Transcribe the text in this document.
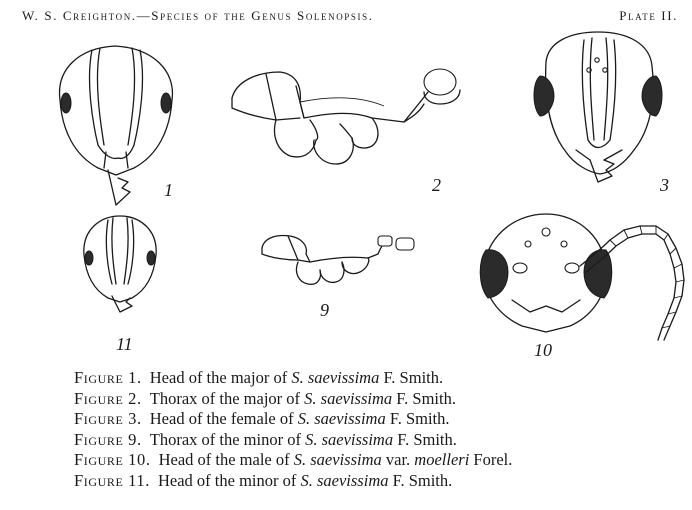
W. S. Creighton.—Species of the Genus Solenopsis.	Plate II.
1	2	3
9
10
11
Figure 1. Head of the major of S. saevissima F. Smith.
Figure 2. Thorax of the major of S. saevissima F. Smith.
Figure 3. Head of the female of S. saevissima F. Smith.
Figure 9. Thorax of the minor of S. saevissima F. Smith.
Figure 10. Head of the male of S. saevissima var. moelleri Forel.
Figure 11. Head of the minor of S. saevissima F. Smith.
